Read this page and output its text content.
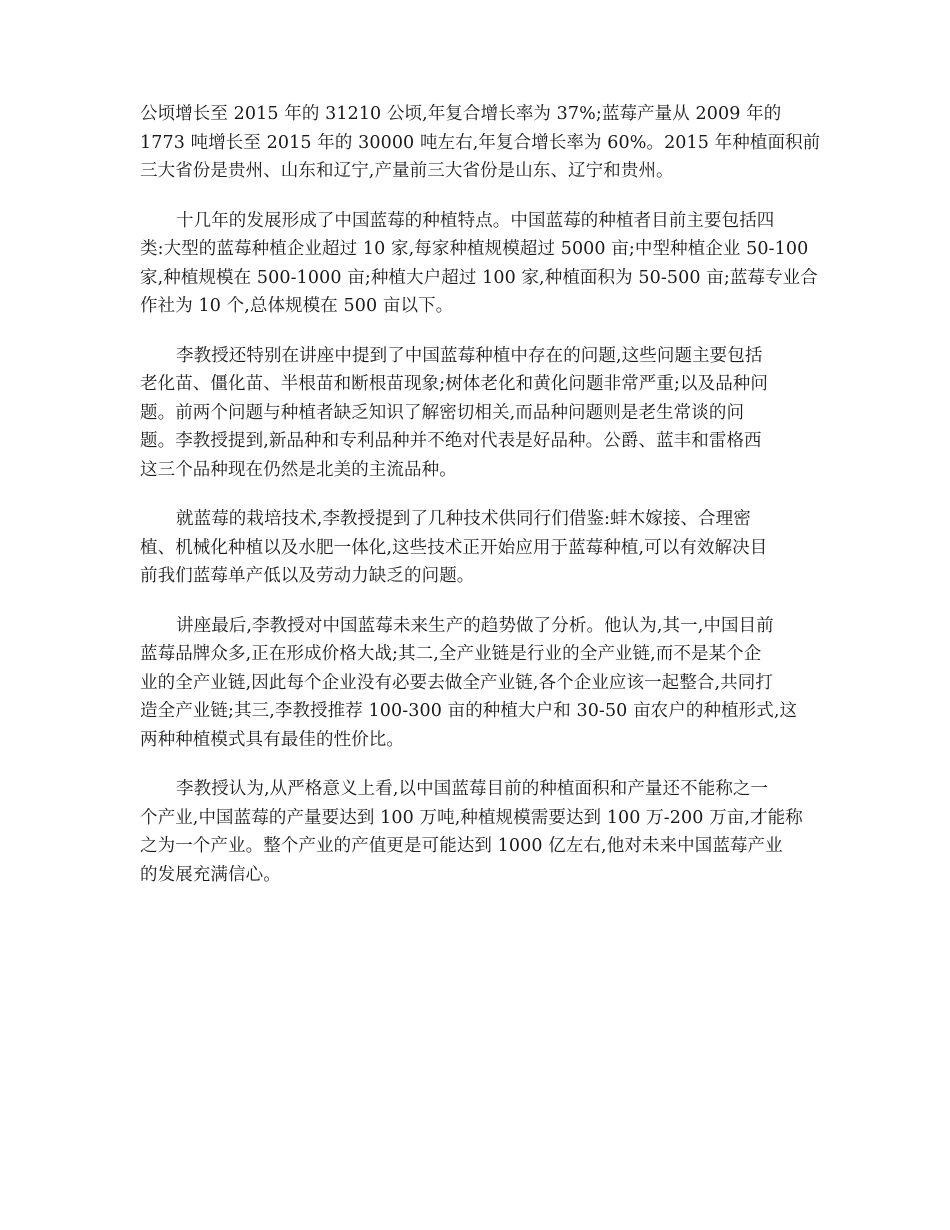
公顷增长至 2015 年的 31210 公顷,年复合增长率为 37%;蓝莓产量从 2009 年的
1773 吨增长至 2015 年的 30000 吨左右,年复合增长率为 60%。2015 年种植面积前
三大省份是贵州、山东和辽宁,产量前三大省份是山东、辽宁和贵州。
十几年的发展形成了中国蓝莓的种植特点。中国蓝莓的种植者目前主要包括四
类:大型的蓝莓种植企业超过 10 家,每家种植规模超过 5000 亩;中型种植企业 50-100
家,种植规模在 500-1000 亩;种植大户超过 100 家,种植面积为 50-500 亩;蓝莓专业合
作社为 10 个,总体规模在 500 亩以下。
李教授还特别在讲座中提到了中国蓝莓种植中存在的问题,这些问题主要包括
老化苗、僵化苗、半根苗和断根苗现象;树体老化和黄化问题非常严重;以及品种问
题。前两个问题与种植者缺乏知识了解密切相关,而品种问题则是老生常谈的问
题。李教授提到,新品种和专利品种并不绝对代表是好品种。公爵、蓝丰和雷格西
这三个品种现在仍然是北美的主流品种。
就蓝莓的栽培技术,李教授提到了几种技术供同行们借鉴:蚌木嫁接、合理密
植、机械化种植以及水肥一体化,这些技术正开始应用于蓝莓种植,可以有效解决目
前我们蓝莓单产低以及劳动力缺乏的问题。
讲座最后,李教授对中国蓝莓未来生产的趋势做了分析。他认为,其一,中国目前
蓝莓品牌众多,正在形成价格大战;其二,全产业链是行业的全产业链,而不是某个企
业的全产业链,因此每个企业没有必要去做全产业链,各个企业应该一起整合,共同打
造全产业链;其三,李教授推荐 100-300 亩的种植大户和 30-50 亩农户的种植形式,这
两种种植模式具有最佳的性价比。
李教授认为,从严格意义上看,以中国蓝莓目前的种植面积和产量还不能称之一
个产业,中国蓝莓的产量要达到 100 万吨,种植规模需要达到 100 万-200 万亩,才能称
之为一个产业。整个产业的产值更是可能达到 1000 亿左右,他对未来中国蓝莓产业
的发展充满信心。
